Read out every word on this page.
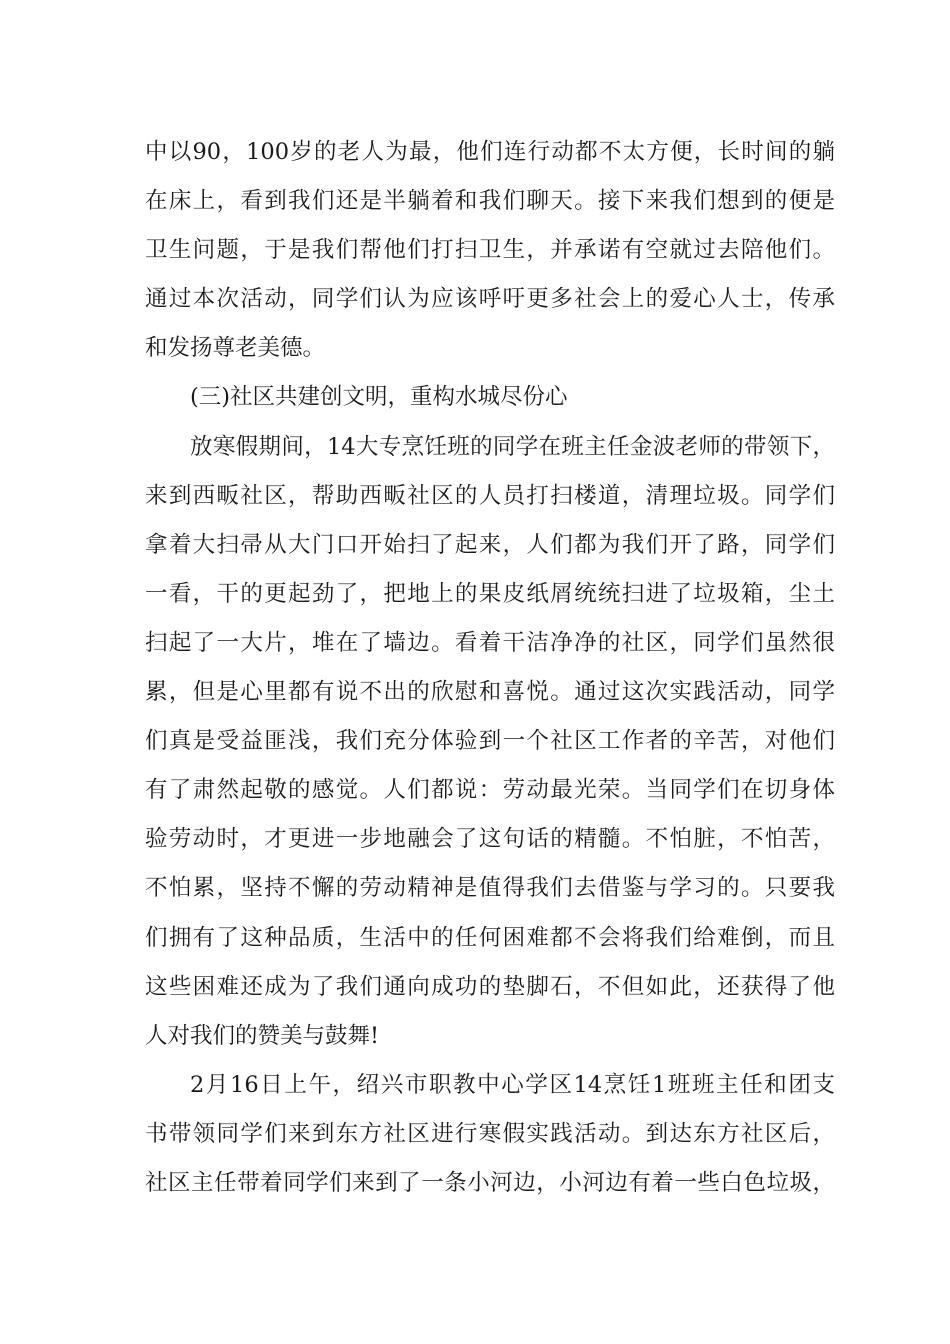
中以90，100岁的老人为最，他们连行动都不太方便，长时间的躺
在床上，看到我们还是半躺着和我们聊天。接下来我们想到的便是
卫生问题，于是我们帮他们打扫卫生，并承诺有空就过去陪他们。
通过本次活动，同学们认为应该呼吁更多社会上的爱心人士，传承
和发扬尊老美德。
(三)社区共建创文明，重构水城尽份心
放寒假期间，14大专烹饪班的同学在班主任金波老师的带领下，
来到西畈社区，帮助西畈社区的人员打扫楼道，清理垃圾。同学们
拿着大扫帚从大门口开始扫了起来，人们都为我们开了路，同学们
一看，干的更起劲了，把地上的果皮纸屑统统扫进了垃圾箱，尘土
扫起了一大片，堆在了墙边。看着干洁净净的社区，同学们虽然很
累，但是心里都有说不出的欣慰和喜悦。通过这次实践活动，同学
们真是受益匪浅，我们充分体验到一个社区工作者的辛苦，对他们
有了肃然起敬的感觉。人们都说：劳动最光荣。当同学们在切身体
验劳动时，才更进一步地融会了这句话的精髓。不怕脏，不怕苦，
不怕累，坚持不懈的劳动精神是值得我们去借鉴与学习的。只要我
们拥有了这种品质，生活中的任何困难都不会将我们给难倒，而且
这些困难还成为了我们通向成功的垫脚石，不但如此，还获得了他
人对我们的赞美与鼓舞!
2月16日上午，绍兴市职教中心学区14烹饪1班班主任和团支
书带领同学们来到东方社区进行寒假实践活动。到达东方社区后，
社区主任带着同学们来到了一条小河边，小河边有着一些白色垃圾，
